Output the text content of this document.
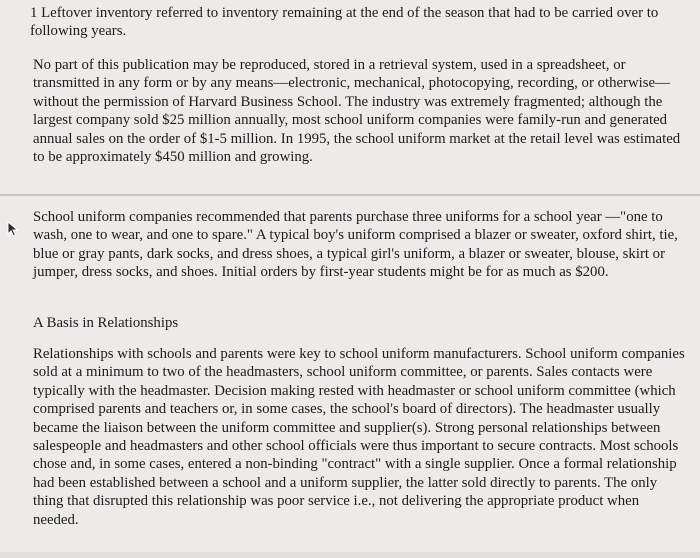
1 Leftover inventory referred to inventory remaining at the end of the season that had to be carried over to following years.

No part of this publication may be reproduced, stored in a retrieval system, used in a spreadsheet, or transmitted in any form or by any means—electronic, mechanical, photocopying, recording, or otherwise—without the permission of Harvard Business School. The industry was extremely fragmented; although the largest company sold $25 million annually, most school uniform companies were family-run and generated annual sales on the order of $1-5 million. In 1995, the school uniform market at the retail level was estimated to be approximately $450 million and growing.

School uniform companies recommended that parents purchase three uniforms for a school year —"one to wash, one to wear, and one to spare." A typical boy's uniform comprised a blazer or sweater, oxford shirt, tie, blue or gray pants, dark socks, and dress shoes, a typical girl's uniform, a blazer or sweater, blouse, skirt or jumper, dress socks, and shoes. Initial orders by first-year students might be for as much as $200.

A Basis in Relationships

Relationships with schools and parents were key to school uniform manufacturers. School uniform companies sold at a minimum to two of the headmasters, school uniform committee, or parents. Sales contacts were typically with the headmaster. Decision making rested with headmaster or school uniform committee (which comprised parents and teachers or, in some cases, the school's board of directors). The headmaster usually became the liaison between the uniform committee and supplier(s). Strong personal relationships between salespeople and headmasters and other school officials were thus important to secure contracts. Most schools chose and, in some cases, entered a non-binding "contract" with a single supplier. Once a formal relationship had been established between a school and a uniform supplier, the latter sold directly to parents. The only thing that disrupted this relationship was poor service i.e., not delivering the appropriate product when needed.
